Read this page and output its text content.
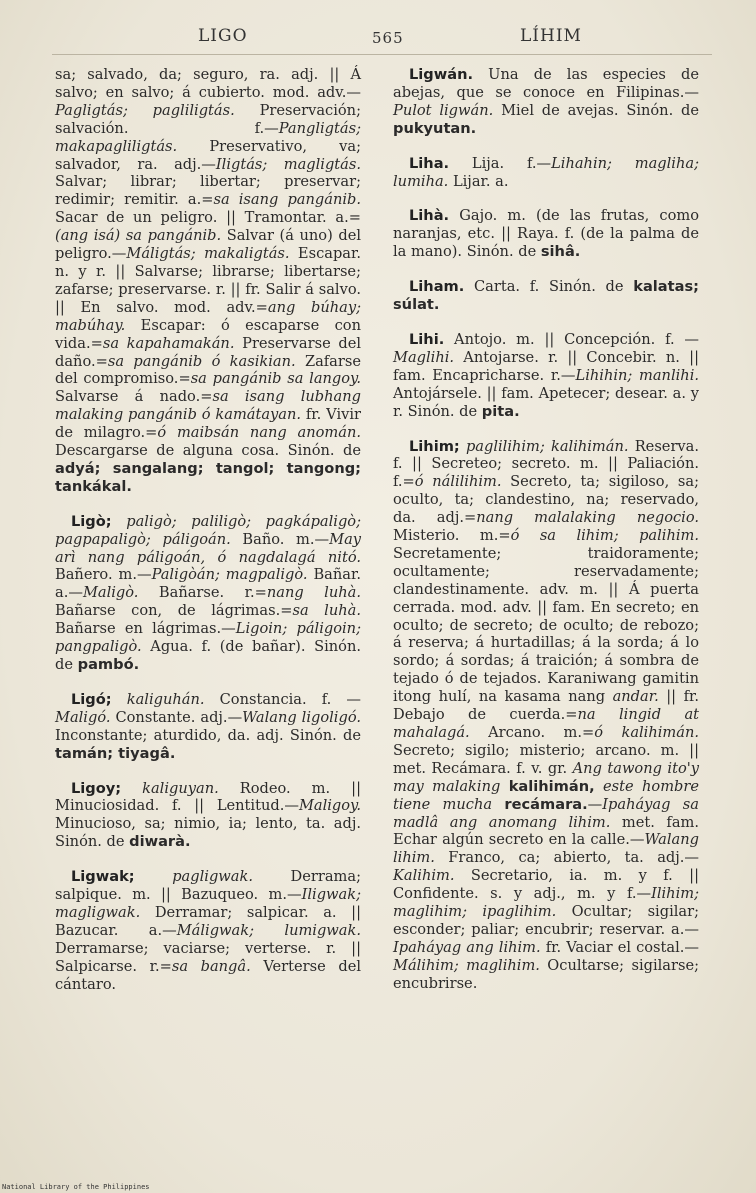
LIGO	565	LÍHIM

sa; salvado, da; seguro, ra. adj. || Á salvo; en salvo; á cubierto. mod. adv.—Pagligtás; pagliligtás. Preservación; salvación. f.—Pangligtás; makapagliligtás. Preservativo, va; salvador, ra. adj.—Iligtás; magligtás. Salvar; librar; libertar; preservar; redimir; remitir. a.=sa isang pangánib. Sacar de un peligro. || Tramontar. a.=(ang isá) sa pangánib. Salvar (á uno) del peligro.—Máligtás; makaligtás. Escapar. n. y r. || Salvarse; librarse; libertarse; zafarse; preservarse. r. || fr. Salir á salvo. || En salvo. mod. adv.=ang búhay; mabúhay. Escapar: ó escaparse con vida.=sa kapahamakán. Preservarse del daño.=sa pangánib ó kasikian. Zafarse del compromiso.=sa pangánib sa langoy. Salvarse á nado.=sa isang lubhang malaking pangánib ó kamátayan. fr. Vivir de milagro.=ó maibsán nang anomán. Descargarse de alguna cosa. Sinón. de adyá; sangalang; tangol; tangong; tankákal.

Ligò; paligò; paliligò; pagkápaligò; pagpapaligò; páligoán. Baño. m.—May arì nang páligoán, ó nagdalagá nitó. Bañero. m.—Paligòán; magpaligò. Bañar. a.—Maligò. Bañarse. r.=nang luhà. Bañarse con, de lágrimas.=sa luhà. Bañarse en lágrimas.—Ligoin; páligoin; pangpaligò. Agua. f. (de bañar). Sinón. de pambó.

Ligó; kaliguhán. Constancia. f. —Maligó. Constante. adj.—Walang ligoligó. Inconstante; aturdido, da. adj. Sinón. de tamán; tiyagâ.

Ligoy; kaliguyan. Rodeo. m. || Minuciosidad. f. || Lentitud.—Maligoy. Minucioso, sa; nimio, ia; lento, ta. adj. Sinón. de diwarà.

Ligwak;	pagligwak. Derrama; salpique. m. || Bazuqueo. m.—Iligwak; magligwak. Derramar; salpicar. a. || Bazucar. a.—Máligwak; lumigwak. Derramarse; vaciarse; verterse. r. || Salpicarse. r.=sa bangâ. Verterse del cántaro.

Ligwán. Una de las especies de abejas, que se conoce en Filipinas.—Pulot ligwán. Miel de avejas. Sinón. de pukyutan.

Liha. Lija. f.—Lihahin; magliha; lumiha. Lijar. a.

Lihà. Gajo. m. (de las frutas, como naranjas, etc. || Raya. f. (de la palma de la mano). Sinón. de sihâ.

Liham. Carta. f. Sinón. de kalatas; súlat.

Lihi. Antojo. m. || Concepción. f. —Maglihi. Antojarse. r. || Concebir. n. || fam. Encapricharse. r.—Lihihin; manlihi. Antojársele. || fam. Apetecer; desear. a. y r. Sinón. de pita.

Lihim; paglilihim; kalihimán. Reserva. f. || Secreteo; secreto. m. || Paliación. f.=ó nálilihim. Secreto, ta; sigiloso, sa; oculto, ta; clandestino, na; reservado, da. adj.=nang malalaking negocio. Misterio. m.=ó sa lihim; palihim. Secretamente; traidoramente; ocultamente; reservadamente; clandestinamente. adv. m. || Á puerta cerrada. mod. adv. || fam. En secreto; en oculto; de secreto; de oculto; de rebozo; á reserva; á hurtadillas; á la sorda; á lo sordo; á sordas; á traición; á sombra de tejado ó de tejados. Karaniwang gamitin itong hulí, na kasama nang andar. || fr. Debajo de cuerda.=na lingid at mahalagá. Arcano. m.=ó kalihimán. Secreto; sigilo; misterio; arcano. m. || met. Recámara. f. v. gr. Ang tawong ito'y may malaking kalihimán, este hombre tiene mucha recámara.—Ipaháyag sa madlâ ang anomang lihim. met. fam. Echar algún secreto en la calle.—Walang lihim. Franco, ca; abierto, ta. adj.—Kalihim. Secretario, ia. m. y f. || Confidente. s. y adj., m. y f.—Ilihim; maglihim; ipaglihim. Ocultar; sigilar; esconder; paliar; encubrir; reservar. a.—Ipaháyag ang lihim. fr. Vaciar el costal.—Málihim; maglihim. Ocultarse; sigilarse; encubrirse.

National Library of the Philippines
